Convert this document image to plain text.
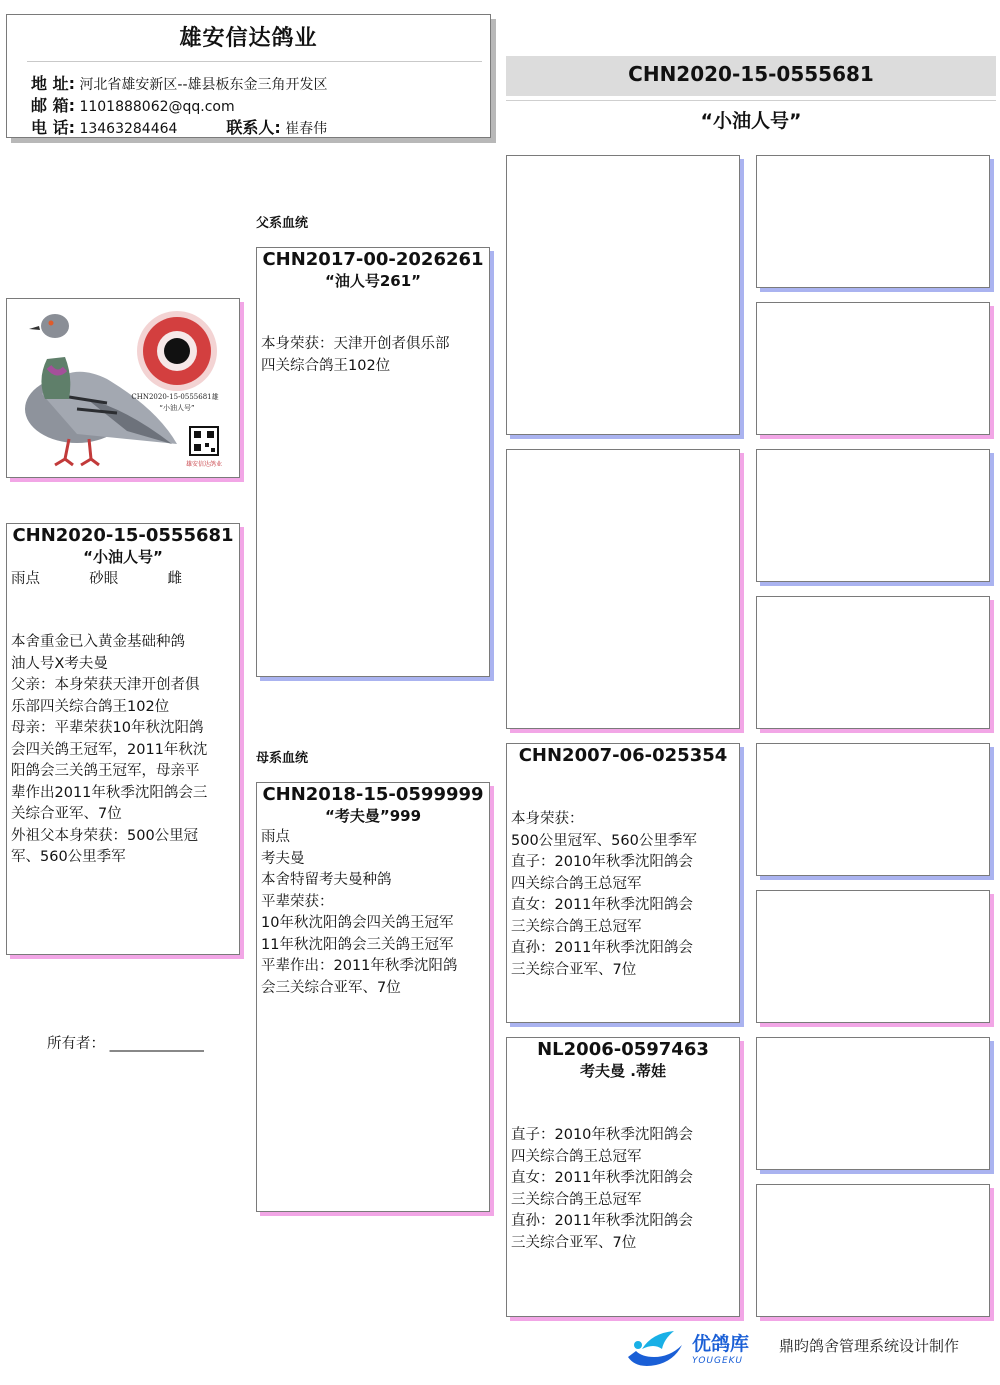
雄安信达鸽业
地 址: 河北省雄安新区--雄县板东金三角开发区
邮 箱: 1101888062@qq.com
电 话: 13463284464	联系人: 崔春伟
CHN2020-15-0555681
“小油人号”
父系血统
母系血统
CHN2020-15-0555681雄
“小油人号”
雄安信达鸽业
CHN2020-15-0555681
“小油人号”
雨点	砂眼	雌
本舍重金已入黄金基础种鸽
油人号X考夫曼
父亲：本身荣获天津开创者俱
乐部四关综合鸽王102位
母亲：平辈荣获10年秋沈阳鸽
会四关鸽王冠军，2011年秋沈
阳鸽会三关鸽王冠军，母亲平
辈作出2011年秋季沈阳鸽会三
关综合亚军、7位
外祖父本身荣获：500公里冠
军、560公里季军
所有者： _____________
CHN2017-00-2026261
“油人号261”
本身荣获：天津开创者俱乐部
四关综合鸽王102位
CHN2018-15-0599999
“考夫曼”999
雨点
考夫曼
本舍特留考夫曼种鸽
平辈荣获：
10年秋沈阳鸽会四关鸽王冠军
11年秋沈阳鸽会三关鸽王冠军
平辈作出：2011年秋季沈阳鸽
会三关综合亚军、7位
CHN2007-06-025354
本身荣获：
500公里冠军、560公里季军
直子：2010年秋季沈阳鸽会
四关综合鸽王总冠军
直女：2011年秋季沈阳鸽会
三关综合鸽王总冠军
直孙：2011年秋季沈阳鸽会
三关综合亚军、7位
NL2006-0597463
考夫曼 .蒂娃
直子：2010年秋季沈阳鸽会
四关综合鸽王总冠军
直女：2011年秋季沈阳鸽会
三关综合鸽王总冠军
直孙：2011年秋季沈阳鸽会
三关综合亚军、7位
优鸽库
YOUGEKU
鼎昀鸽舍管理系统设计制作
